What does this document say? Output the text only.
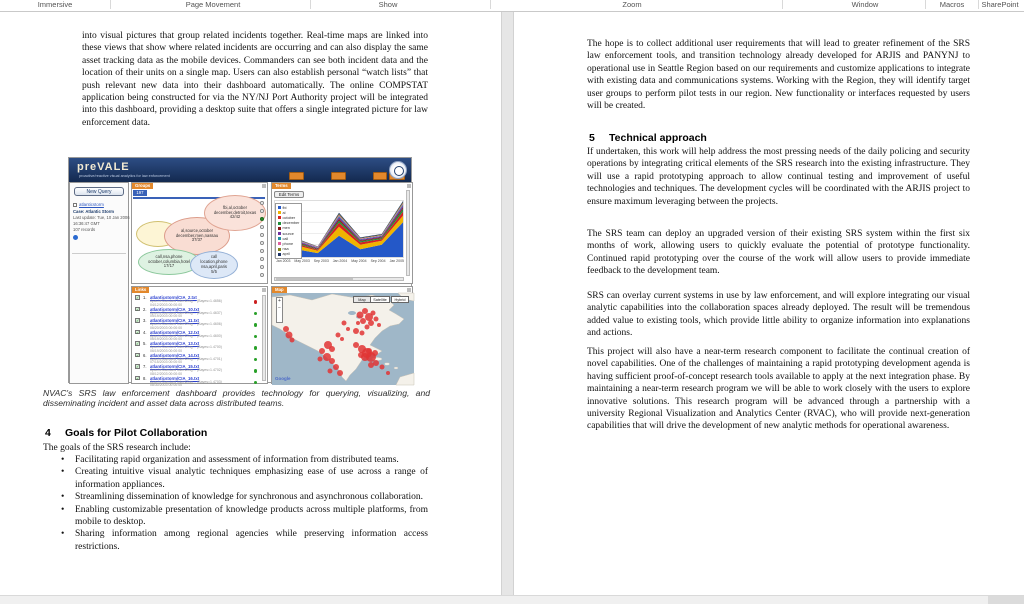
Immersive	Page Movement	Show	Zoom	Window	Macros SharePoint
into visual pictures that group related incidents together. Real-time maps are linked into these views that show where related incidents are occurring and can also display the same asset tracking data as the mobile devices. Commanders can see both incident data and the location of their units on a single map. Users can also establish personal “watch lists” that push relevant new data into their dashboard automatically. The online COMPSTAT application being constructed for via the NY/NJ Port Authority project will be integrated into this dashboard, providing a desktop suite that offers a single integrated picture for law enforcement data.
preVALE
proactive/reactive visual analytics for law enforcement
New Query
atlanticstorm
Case: Atlantic Storm
Last update: Tue, 10 Jan 2006
16:36:47 GMT
107 records
Groups
197
al,source,october
december,men,nassau
37/37
fbi,al,october
december,detroit,texas
42/42
call,nsa,phone
october,columbia,hotel
17/17
call
location,phone nsa,april,paris
5/5
Terms
Edit Terms
fbi
al
october
december
men
source
call
phone
nsa
april
Jan 2003 May 2003 Sep 2003 Jan 2004 May 2004 Sep 2004 Jan 2005
Links
✓ 1. atlanticstorm/CIA_2.txt
ApacheStandardTokenizing… (Bayes=1.4656) 04/12/2003 00:00:00
✓ 2. atlanticstorm/CIA_10.txt
ApacheStandardTokenizing… (Bayes=1.4637) 05/19/2003 00:00:00
✓ 3. atlanticstorm/CIA_11.txt
ApacheStandardTokenizing… (Bayes=1.4606) 06/20/2003 00:00:00
✓ 4. atlanticstorm/CIA_12.txt
ApacheStandardTokenizing… (Bayes=1.4600) 06/19/2003 00:00:00
✓ 5. atlanticstorm/CIA_13.txt
ApacheStandardTokenizing… (Bayes=1.4700) 06/19/2003 00:00:00
✓ 6. atlanticstorm/CIA_14.txt
ApacheStandardTokenizing… (Bayes=1.4701) 07/15/2003 00:00:00
✓ 7. atlanticstorm/CIA_15.txt
ApacheStandardTokenizing… (Bayes=1.4702) 08/12/2003 00:00:00
✓ 8. atlanticstorm/CIA_16.txt
ApacheStandardTokenizing… (Bayes=1.4703) 08/30/2003 00:00:00
Map
+
−
Map	Satellite	Hybrid
Google
NVAC's SRS law enforcement dashboard provides technology for querying, visualizing, and disseminating incident and asset data across distributed teams.
4 Goals for Pilot Collaboration
The goals of the SRS research include:
• Facilitating rapid organization and assessment of information from distributed teams.
• Creating intuitive visual analytic techniques emphasizing ease of use across a range of information appliances.
• Streamlining dissemination of knowledge for synchronous and asynchronous collaboration.
• Enabling customizable presentation of knowledge products across multiple platforms, from mobile to desktop.
• Sharing information among regional agencies while preserving information access restrictions.
The hope is to collect additional user requirements that will lead to greater refinement of the SRS law enforcement tools, and transition technology already developed for ARJIS and PANYNJ to operational use in Seattle Region based on our requirements and customize applications to integrate with existing data and communications systems. Working with the Region, they will identify target user groups to perform pilot tests in our region. New functionality or interfaces requested by users will be created.
5 Technical approach
If undertaken, this work will help address the most pressing needs of the daily policing and security operations by integrating critical elements of the SRS research into the existing infrastructure. They will use a rapid prototyping approach to allow continual testing and improvement of useful technologies and techniques. The development cycles will be coordinated with the ARJIS project to ensure maximum leveraging between the projects.
The SRS team can deploy an upgraded version of their existing SRS system within the first six months of work, allowing users to quickly evaluate the potential of prototype functionality. Continued rapid prototyping over the course of the work will allow users to provide immediate feedback to the development team.
SRS can overlay current systems in use by law enforcement, and will explore integrating our visual analytic capabilities into the collaboration spaces already deployed. The result will be tremendous added value to existing tools, which provide little ability to organize information into explanations and actions.
This project will also have a near-term research component to facilitate the continual creation of novel capabilities. One of the challenges of maintaining a rapid prototyping development agenda is having sufficient proof-of-concept research tools available to apply at the next integration phase. By maintaining a near-term research program we will be able to work closely with the users to explore innovative solutions. This research program will be advanced through a partnership with a university Regional Visualization and Analytics Center (RVAC), who will provide next-generation capabilities that will drive the development of new analytic methods for operational awareness.
